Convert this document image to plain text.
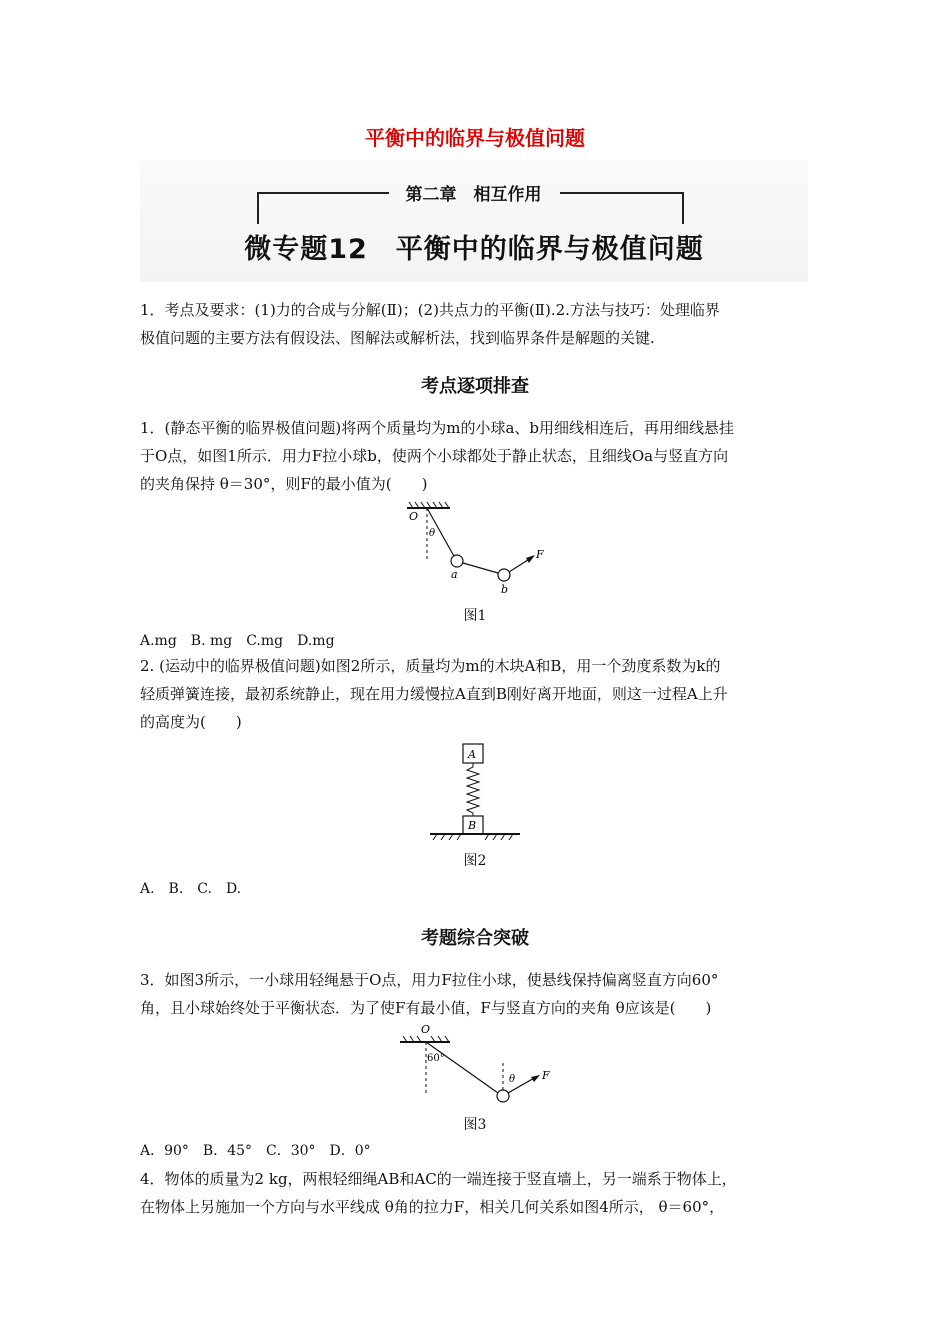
平衡中的临界与极值问题
第二章　相互作用
微专题12　平衡中的临界与极值问题
1．考点及要求：(1)力的合成与分解(Ⅱ)；(2)共点力的平衡(Ⅱ).2.方法与技巧：处理临界
极值问题的主要方法有假设法、图解法或解析法，找到临界条件是解题的关键.
考点逐项排查
1．(静态平衡的临界极值问题)将两个质量均为m的小球a、b用细线相连后，再用细线悬挂
于O点，如图1所示．用力F拉小球b，使两个小球都处于静止状态，且细线Oa与竖直方向
的夹角保持 θ＝30°，则F的最小值为(　　)
O
θ
a
b
F
图1
A.mg　B. mg　C.mg　D.mg
2. (运动中的临界极值问题)如图2所示，质量均为m的木块A和B，用一个劲度系数为k的
轻质弹簧连接，最初系统静止，现在用力缓慢拉A直到B刚好离开地面，则这一过程A上升
的高度为(　　)
A
B
图2
A.　B.　C.　D.
考题综合突破
3．如图3所示，一小球用轻绳悬于O点，用力F拉住小球，使悬线保持偏离竖直方向60°
角，且小球始终处于平衡状态．为了使F有最小值，F与竖直方向的夹角 θ应该是(　　)
O
60°
θ F
图3
A．90°　B．45°　C．30°　D．0°
4．物体的质量为2 kg，两根轻细绳AB和AC的一端连接于竖直墙上，另一端系于物体上，
在物体上另施加一个方向与水平线成 θ角的拉力F，相关几何关系如图4所示， θ＝60°，
